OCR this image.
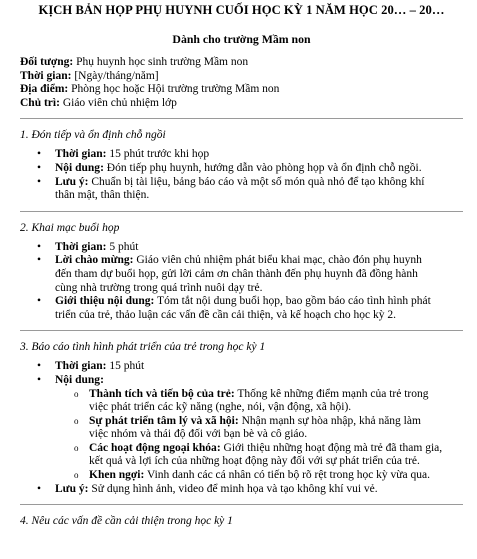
KỊCH BẢN HỌP PHỤ HUYNH CUỐI HỌC KỲ 1 NĂM HỌC 20… – 20…
Dành cho trường Mầm non
Đối tượng: Phụ huynh học sinh trường Mầm non
Thời gian: [Ngày/tháng/năm]
Địa điểm: Phòng học hoặc Hội trường trường Mầm non
Chủ trì: Giáo viên chủ nhiệm lớp

1. Đón tiếp và ổn định chỗ ngồi

• Thời gian: 15 phút trước khi họp
• Nội dung: Đón tiếp phụ huynh, hướng dẫn vào phòng họp và ổn định chỗ ngồi.
• Lưu ý: Chuẩn bị tài liệu, bảng báo cáo và một số món quà nhỏ để tạo không khí
thân mật, thân thiện.

2. Khai mạc buổi họp

• Thời gian: 5 phút
• Lời chào mừng: Giáo viên chủ nhiệm phát biểu khai mạc, chào đón phụ huynh
đến tham dự buổi họp, gửi lời cảm ơn chân thành đến phụ huynh đã đồng hành
cùng nhà trường trong quá trình nuôi dạy trẻ.
• Giới thiệu nội dung: Tóm tắt nội dung buổi họp, bao gồm báo cáo tình hình phát
triển của trẻ, thảo luận các vấn đề cần cải thiện, và kế hoạch cho học kỳ 2.

3. Báo cáo tình hình phát triển của trẻ trong học kỳ 1

• Thời gian: 15 phút
• Nội dung:
o Thành tích và tiến bộ của trẻ: Thống kê những điểm mạnh của trẻ trong
việc phát triển các kỹ năng (nghe, nói, vận động, xã hội).
o Sự phát triển tâm lý và xã hội: Nhận mạnh sự hòa nhập, khả năng làm
việc nhóm và thái độ đối với bạn bè và cô giáo.
o Các hoạt động ngoại khóa: Giới thiệu những hoạt động mà trẻ đã tham gia,
kết quả và lợi ích của những hoạt động này đối với sự phát triển của trẻ.
o Khen ngợi: Vinh danh các cá nhân có tiến bộ rõ rệt trong học kỳ vừa qua.
• Lưu ý: Sử dụng hình ảnh, video để minh họa và tạo không khí vui vẻ.

4. Nêu các vấn đề cần cải thiện trong học kỳ 1
